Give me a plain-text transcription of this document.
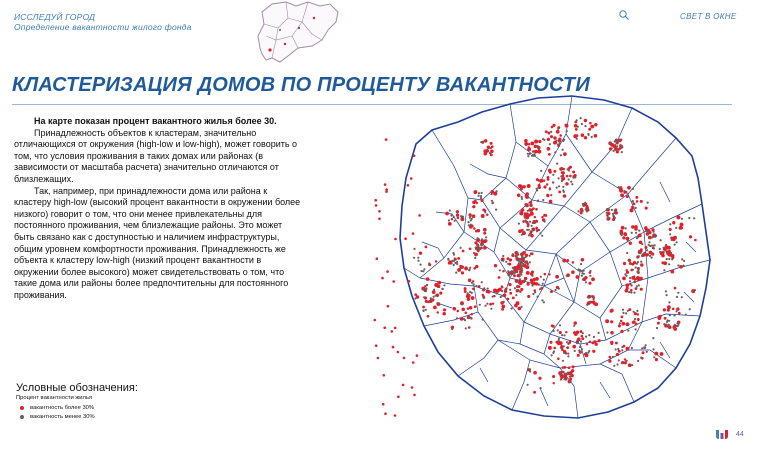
ИССЛЕДУЙ ГОРОД
Определение вакантности жилого фонда
СВЕТ В ОКНЕ
КЛАСТЕРИЗАЦИЯ ДОМОВ ПО ПРОЦЕНТУ ВАКАНТНОСТИ

На карте показан процент вакантного жилья более 30.

Принадлежность объектов к кластерам, значительно отличающихся от окружения (high-low и low-high), может говорить о том, что условия проживания в таких домах или районах (в зависимости от масштаба расчета) значительно отличаются от близлежащих.

Так, например, при принадлежности дома или района к кластеру high-low (высокий процент вакантности в окружении более низкого) говорит о том, что они менее привлекательны для постоянного проживания, чем близлежащие районы. Это может быть связано как с доступностью и наличием инфраструктуры, общим уровнем комфортности проживания. Принадлежность же объекта к кластеру low-high (низкий процент вакантности в окружении более высокого) может свидетельствовать о том, что такие дома или районы более предпочтительны для постоянного проживания.

Условные обозначения:
Процент вакантности жилья
вакантность более 30%
вакантность менее 30%
44
